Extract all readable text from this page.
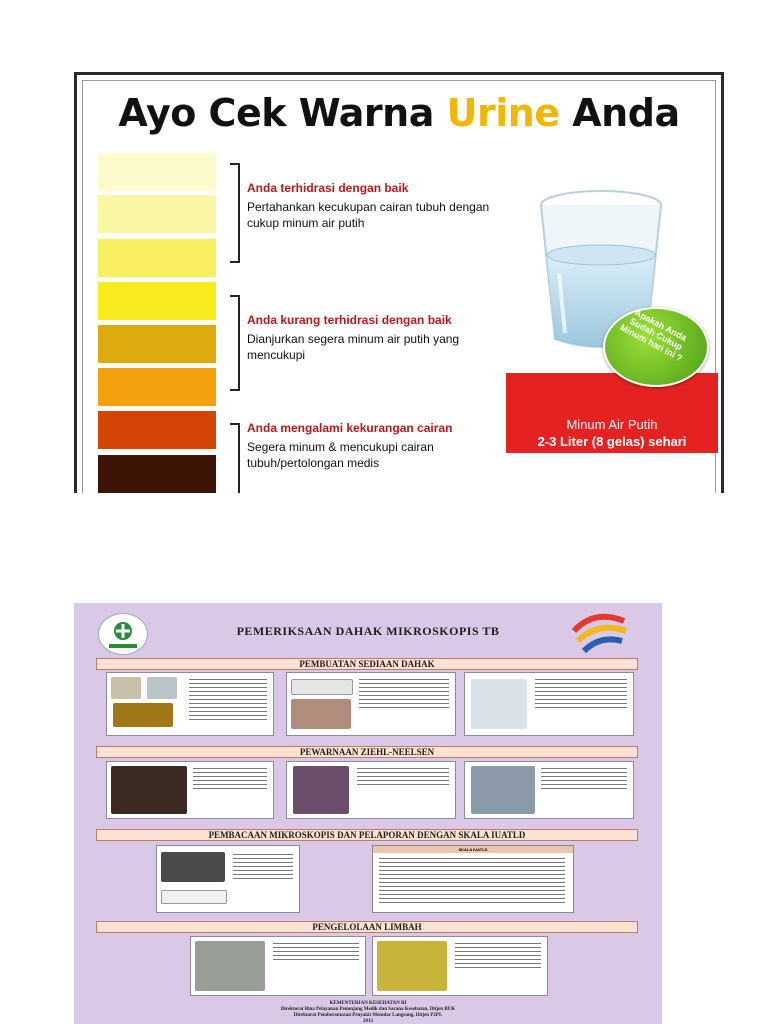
Ayo Cek Warna Urine Anda
Anda terhidrasi dengan baik
Pertahankan kecukupan cairan tubuh dengan cukup minum air putih
Anda kurang terhidrasi dengan baik
Dianjurkan segera minum air putih yang mencukupi
Anda mengalami kekurangan cairan
Segera minum & mencukupi cairan tubuh/pertolongan medis
Minum Air Putih
2-3 Liter (8 gelas) sehari
Apakah Anda Sudah Cukup Minum hari ini ?
PEMERIKSAAN DAHAK MIKROSKOPIS TB
PEMBUATAN SEDIAAN DAHAK
PEWARNAAN ZIEHL-NEELSEN
PEMBACAAN MIKROSKOPIS DAN PELAPORAN DENGAN SKALA IUATLD
SKALA IUATLD
PENGELOLAAN LIMBAH
KEMENTERIAN KESEHATAN RI
Direktorat Bina Pelayanan Penunjang Medik dan Sarana Kesehatan, Ditjen BUK
Direktorat Pemberantasan Penyakit Menular Langsung, Ditjen P2PL
2012
